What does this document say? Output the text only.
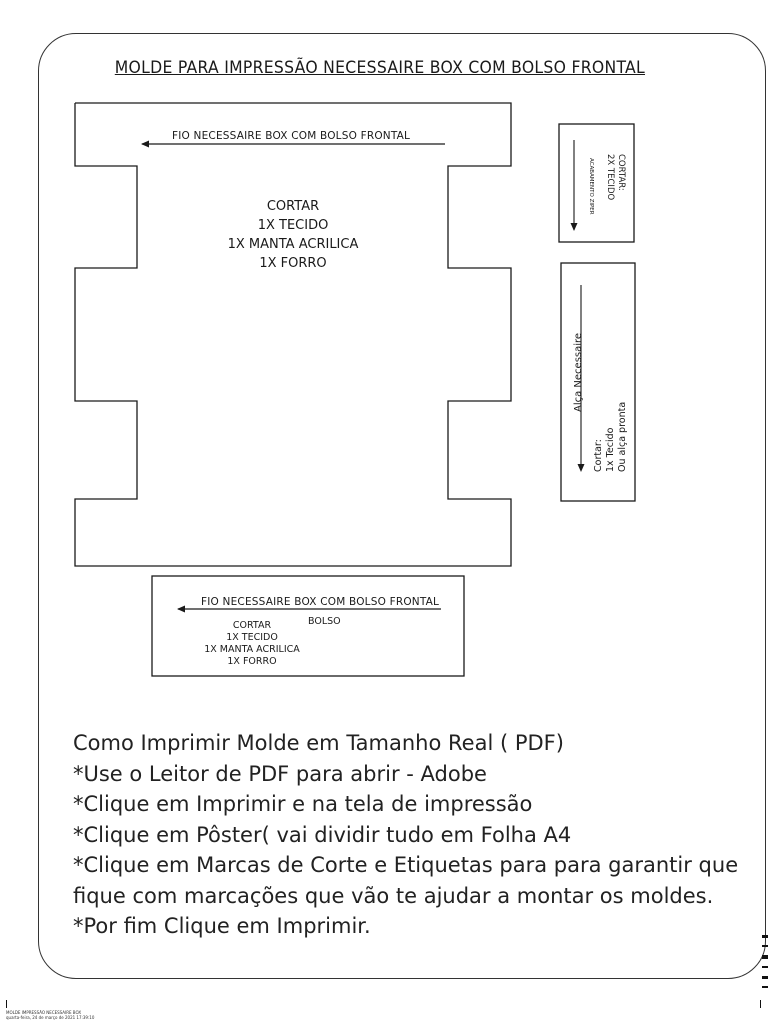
MOLDE PARA IMPRESSÃO NECESSAIRE BOX COM BOLSO FRONTAL
FIO NECESSAIRE BOX COM BOLSO FRONTAL
CORTAR
1X TECIDO
1X MANTA ACRILICA
1X FORRO
ACABAMENTO ZIPER	CORTAR:
2X TECIDO
Alça Necessaire
Cortar: 1x Tecido Ou alça pronta
FIO NECESSAIRE BOX COM BOLSO FRONTAL
BOLSO
CORTAR
1X TECIDO
1X MANTA ACRILICA
1X FORRO
Como Imprimir Molde em Tamanho Real ( PDF)
*Use o Leitor de PDF para abrir - Adobe
*Clique em Imprimir e na tela de impressão
*Clique em Pôster( vai dividir tudo em Folha A4
*Clique em Marcas de Corte e Etiquetas para para garantir que fique com marcações que vão te ajudar a montar os moldes.
*Por fim Clique em Imprimir.
MOLDE IMPRESSÃO NECESSAIRE BOX
quarta-feira, 24 de março de 2021 17:39:10
